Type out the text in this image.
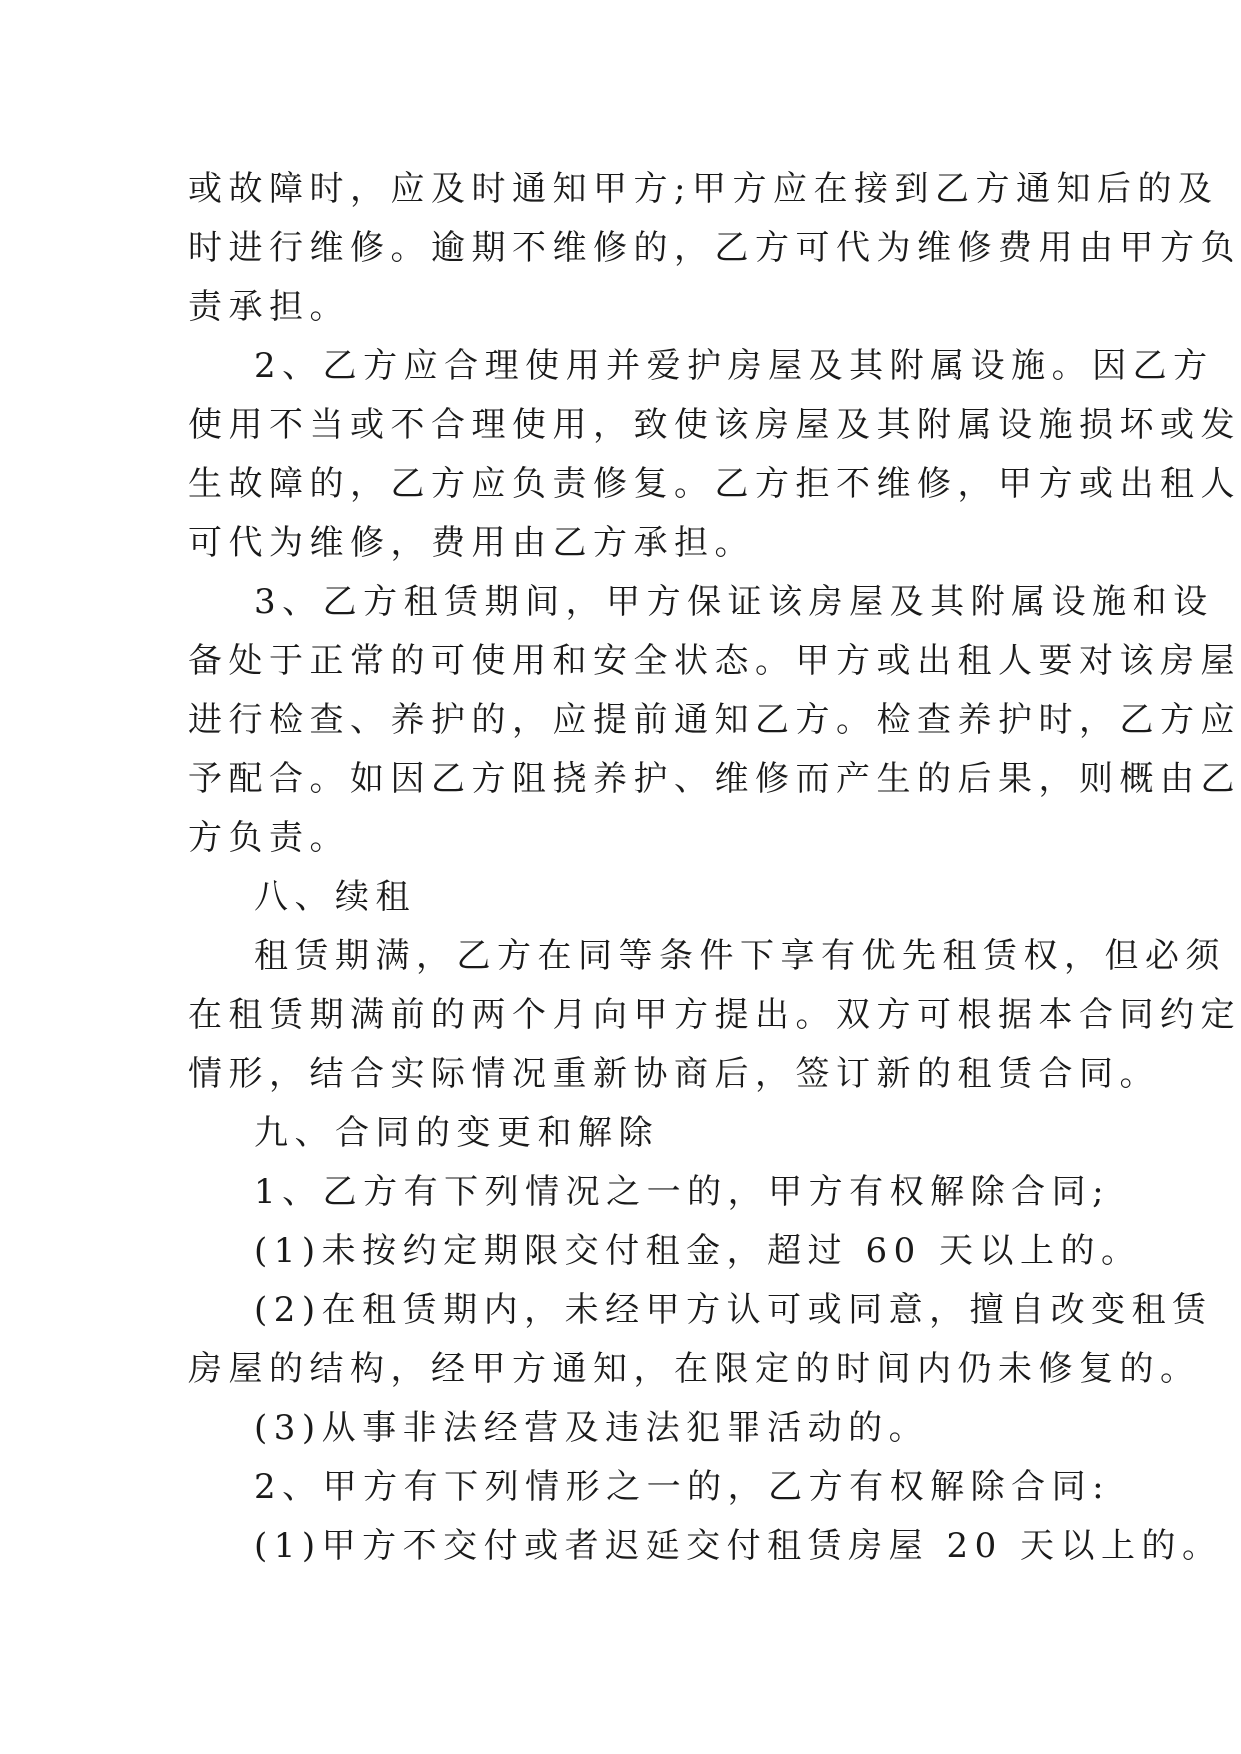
或故障时，应及时通知甲方;甲方应在接到乙方通知后的及
时进行维修。逾期不维修的，乙方可代为维修费用由甲方负
责承担。
2、乙方应合理使用并爱护房屋及其附属设施。因乙方
使用不当或不合理使用，致使该房屋及其附属设施损坏或发
生故障的，乙方应负责修复。乙方拒不维修，甲方或出租人
可代为维修，费用由乙方承担。
3、乙方租赁期间，甲方保证该房屋及其附属设施和设
备处于正常的可使用和安全状态。甲方或出租人要对该房屋
进行检查、养护的，应提前通知乙方。检查养护时，乙方应
予配合。如因乙方阻挠养护、维修而产生的后果，则概由乙
方负责。
八、续租
租赁期满，乙方在同等条件下享有优先租赁权，但必须
在租赁期满前的两个月向甲方提出。双方可根据本合同约定
情形，结合实际情况重新协商后，签订新的租赁合同。
九、合同的变更和解除
1、乙方有下列情况之一的，甲方有权解除合同;
(1)未按约定期限交付租金，超过 60 天以上的。
(2)在租赁期内，未经甲方认可或同意，擅自改变租赁
房屋的结构，经甲方通知，在限定的时间内仍未修复的。
(3)从事非法经营及违法犯罪活动的。
2、甲方有下列情形之一的，乙方有权解除合同:
(1)甲方不交付或者迟延交付租赁房屋 20 天以上的。
